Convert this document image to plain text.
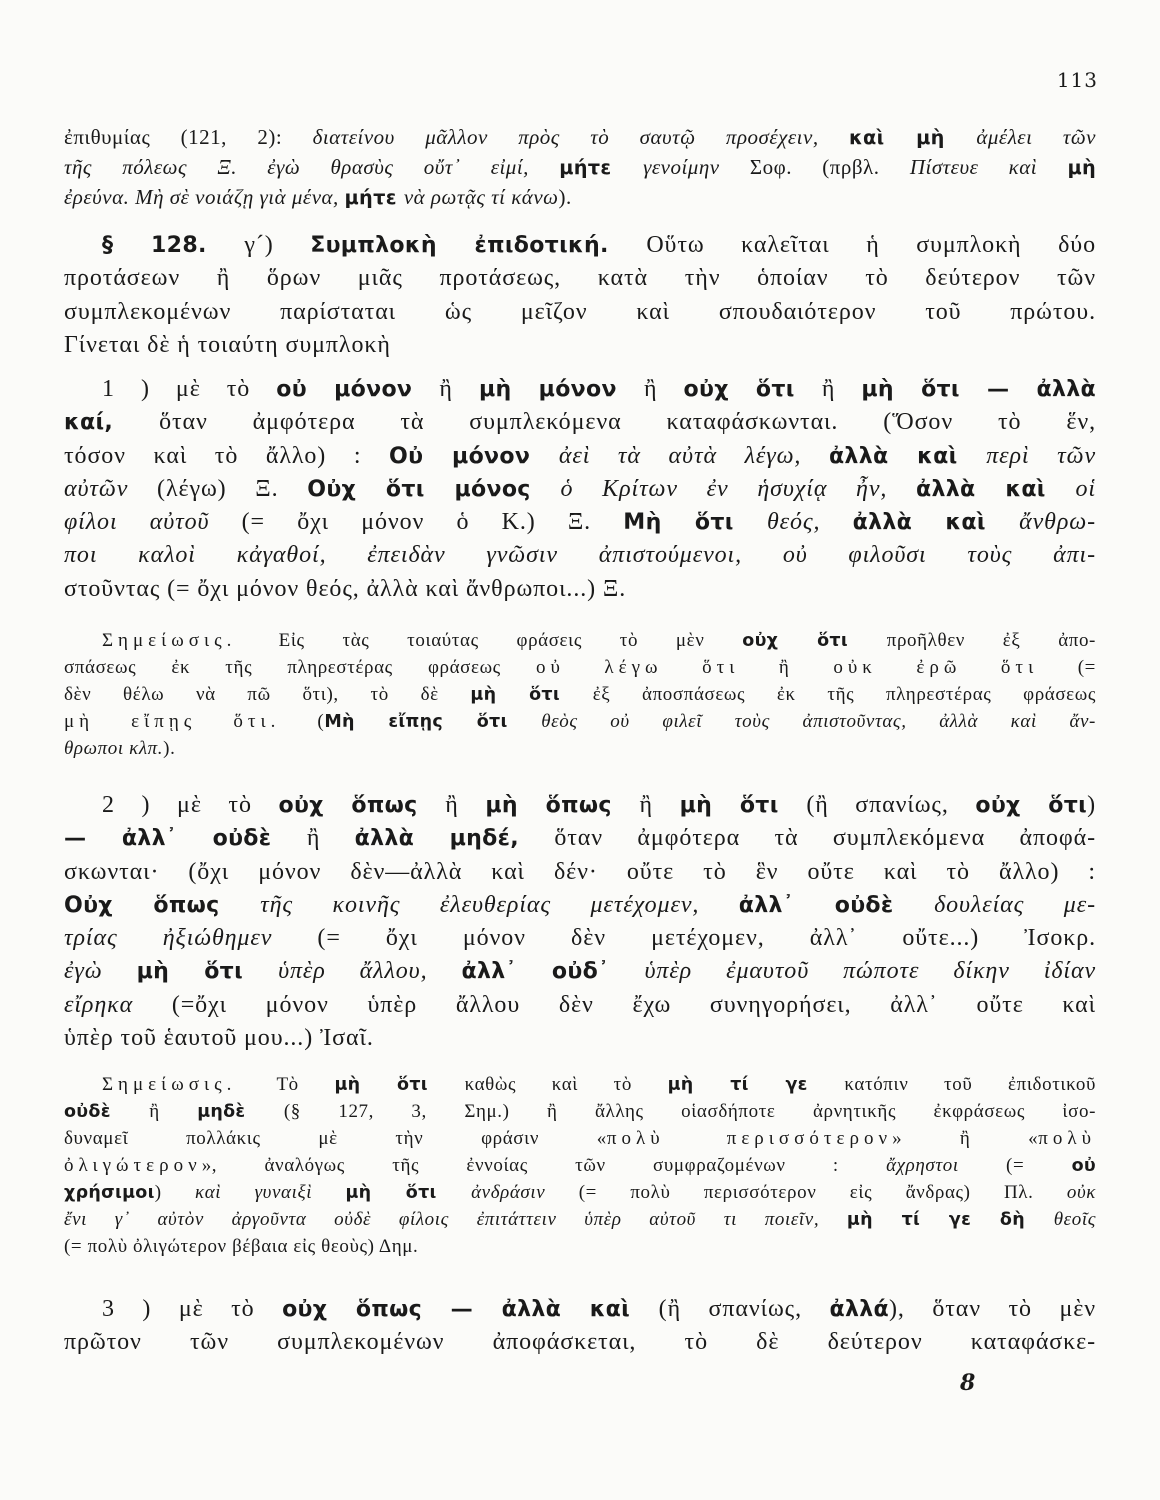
113
ἐπιθυμίας (121, 2): διατείνου μᾶλλον πρὸς τὸ σαυτῷ προσέχειν, καὶ μὴ ἀμέλει τῶν
τῆς πόλεως Ξ. ἐγὼ θρασὺς οὔτ᾽ εἰμί, μήτε γενοίμην Σοφ. (πρβλ. Πίστευε καὶ μὴ
ἐρεύνα. Μὴ σὲ νοιάζῃ γιὰ μένα, μήτε νὰ ρωτᾷς τί κάνω).
§ 128. γ´) Συμπλοκὴ ἐπιδοτική. Οὕτω καλεῖται ἡ συμπλοκὴ δύο
προτάσεων ἢ ὅρων μιᾶς προτάσεως, κατὰ τὴν ὁποίαν τὸ δεύτερον τῶν
συμπλεκομένων παρίσταται ὡς μεῖζον καὶ σπουδαιότερον τοῦ πρώτου.
Γίνεται δὲ ἡ τοιαύτη συμπλοκὴ
1 ) μὲ τὸ οὐ μόνον ἢ μὴ μόνον ἢ οὐχ ὅτι ἢ μὴ ὅτι — ἀλλὰ
καί, ὅταν ἀμφότερα τὰ συμπλεκόμενα καταφάσκωνται. (Ὅσον τὸ ἕν,
τόσον καὶ τὸ ἄλλο) : Οὐ μόνον ἀεὶ τὰ αὐτὰ λέγω, ἀλλὰ καὶ περὶ τῶν
αὐτῶν (λέγω) Ξ. Οὐχ ὅτι μόνος ὁ Κρίτων ἐν ἡσυχίᾳ ἦν, ἀλλὰ καὶ οἱ
φίλοι αὐτοῦ (= ὄχι μόνον ὁ Κ.) Ξ. Μὴ ὅτι θεός, ἀλλὰ καὶ ἄνθρω-
ποι καλοὶ κἀγαθοί, ἐπειδὰν γνῶσιν ἀπιστούμενοι, οὐ φιλοῦσι τοὺς ἀπι-
στοῦντας (= ὄχι μόνον θεός, ἀλλὰ καὶ ἄνθρωποι...) Ξ.
Σημείωσις. Εἰς τὰς τοιαύτας φράσεις τὸ μὲν οὐχ ὅτι προῆλθεν ἐξ ἀπο-
σπάσεως ἐκ τῆς πληρεστέρας φράσεως οὐ λέγω ὅτι ἢ οὐκ ἐρῶ ὅτι (=
δὲν θέλω νὰ πῶ ὅτι), τὸ δὲ μὴ ὅτι ἐξ ἀποσπάσεως ἐκ τῆς πληρεστέρας φράσεως
μὴ εἴπῃς ὅτι. (Μὴ εἴπῃς ὅτι θεὸς οὐ φιλεῖ τοὺς ἀπιστοῦντας, ἀλλὰ καὶ ἄν-
θρωποι κλπ.).
2 ) μὲ τὸ οὐχ ὅπως ἢ μὴ ὅπως ἢ μὴ ὅτι (ἢ σπανίως, οὐχ ὅτι)
— ἀλλ᾽ οὐδὲ ἢ ἀλλὰ μηδέ, ὅταν ἀμφότερα τὰ συμπλεκόμενα ἀποφά-
σκωνται· (ὄχι μόνον δὲν—ἀλλὰ καὶ δέν· οὔτε τὸ ἓν οὔτε καὶ τὸ ἄλλο) :
Οὐχ ὅπως τῆς κοινῆς ἐλευθερίας μετέχομεν, ἀλλ᾽ οὐδὲ δουλείας με-
τρίας ἠξιώθημεν (= ὄχι μόνον δὲν μετέχομεν, ἀλλ᾽ οὔτε...) Ἰσοκρ.
ἐγὼ μὴ ὅτι ὑπὲρ ἄλλου, ἀλλ᾽ οὐδ᾽ ὑπὲρ ἐμαυτοῦ πώποτε δίκην ἰδίαν
εἴρηκα (=ὄχι μόνον ὑπὲρ ἄλλου δὲν ἔχω συνηγορήσει, ἀλλ᾽ οὔτε καὶ
ὑπὲρ τοῦ ἑαυτοῦ μου...) Ἰσαῖ.
Σημείωσις. Τὸ μὴ ὅτι καθὼς καὶ τὸ μὴ τί γε κατόπιν τοῦ ἐπιδοτικοῦ
οὐδὲ ἢ μηδὲ (§ 127, 3, Σημ.) ἢ ἄλλης οἱασδήποτε ἀρνητικῆς ἐκφράσεως ἰσο-
δυναμεῖ πολλάκις μὲ τὴν φράσιν «πολὺ περισσότερον» ἢ «πολὺ
ὀλιγώτερον», ἀναλόγως τῆς ἐννοίας τῶν συμφραζομένων : ἄχρηστοι (= οὐ
χρήσιμοι) καὶ γυναιξὶ μὴ ὅτι ἀνδράσιν (= πολὺ περισσότερον εἰς ἄνδρας) Πλ. οὐκ
ἔνι γ᾽ αὐτὸν ἀργοῦντα οὐδὲ φίλοις ἐπιτάττειν ὑπὲρ αὐτοῦ τι ποιεῖν, μὴ τί γε δὴ θεοῖς
(= πολὺ ὀλιγώτερον βέβαια εἰς θεοὺς) Δημ.
3 ) μὲ τὸ οὐχ ὅπως — ἀλλὰ καὶ (ἢ σπανίως, ἀλλά), ὅταν τὸ μὲν
πρῶτον τῶν συμπλεκομένων ἀποφάσκεται, τὸ δὲ δεύτερον καταφάσκε-
8
